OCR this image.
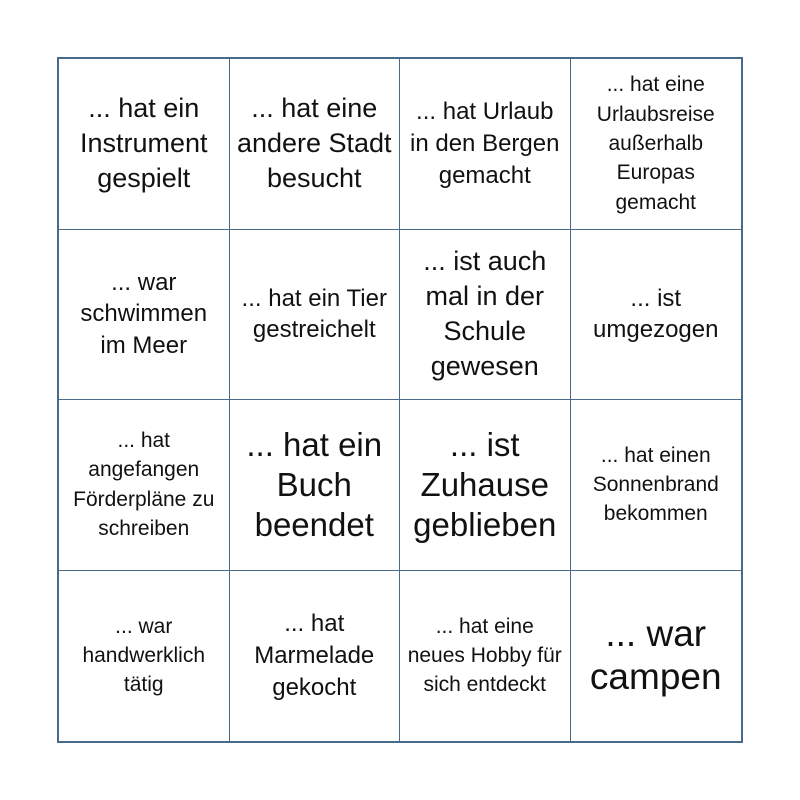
... hat ein Instrument gespielt
... hat eine andere Stadt besucht
... hat Urlaub in den Bergen gemacht
... hat eine Urlaubsreise außerhalb Europas gemacht
... war schwimmen im Meer
... hat ein Tier gestreichelt
... ist auch mal in der Schule gewesen
... ist umgezogen
... hat angefangen Förderpläne zu schreiben
... hat ein Buch beendet
... ist Zuhause geblieben
... hat einen Sonnenbrand bekommen
... war handwerklich tätig
... hat Marmelade gekocht
... hat eine neues Hobby für sich entdeckt
... war campen
